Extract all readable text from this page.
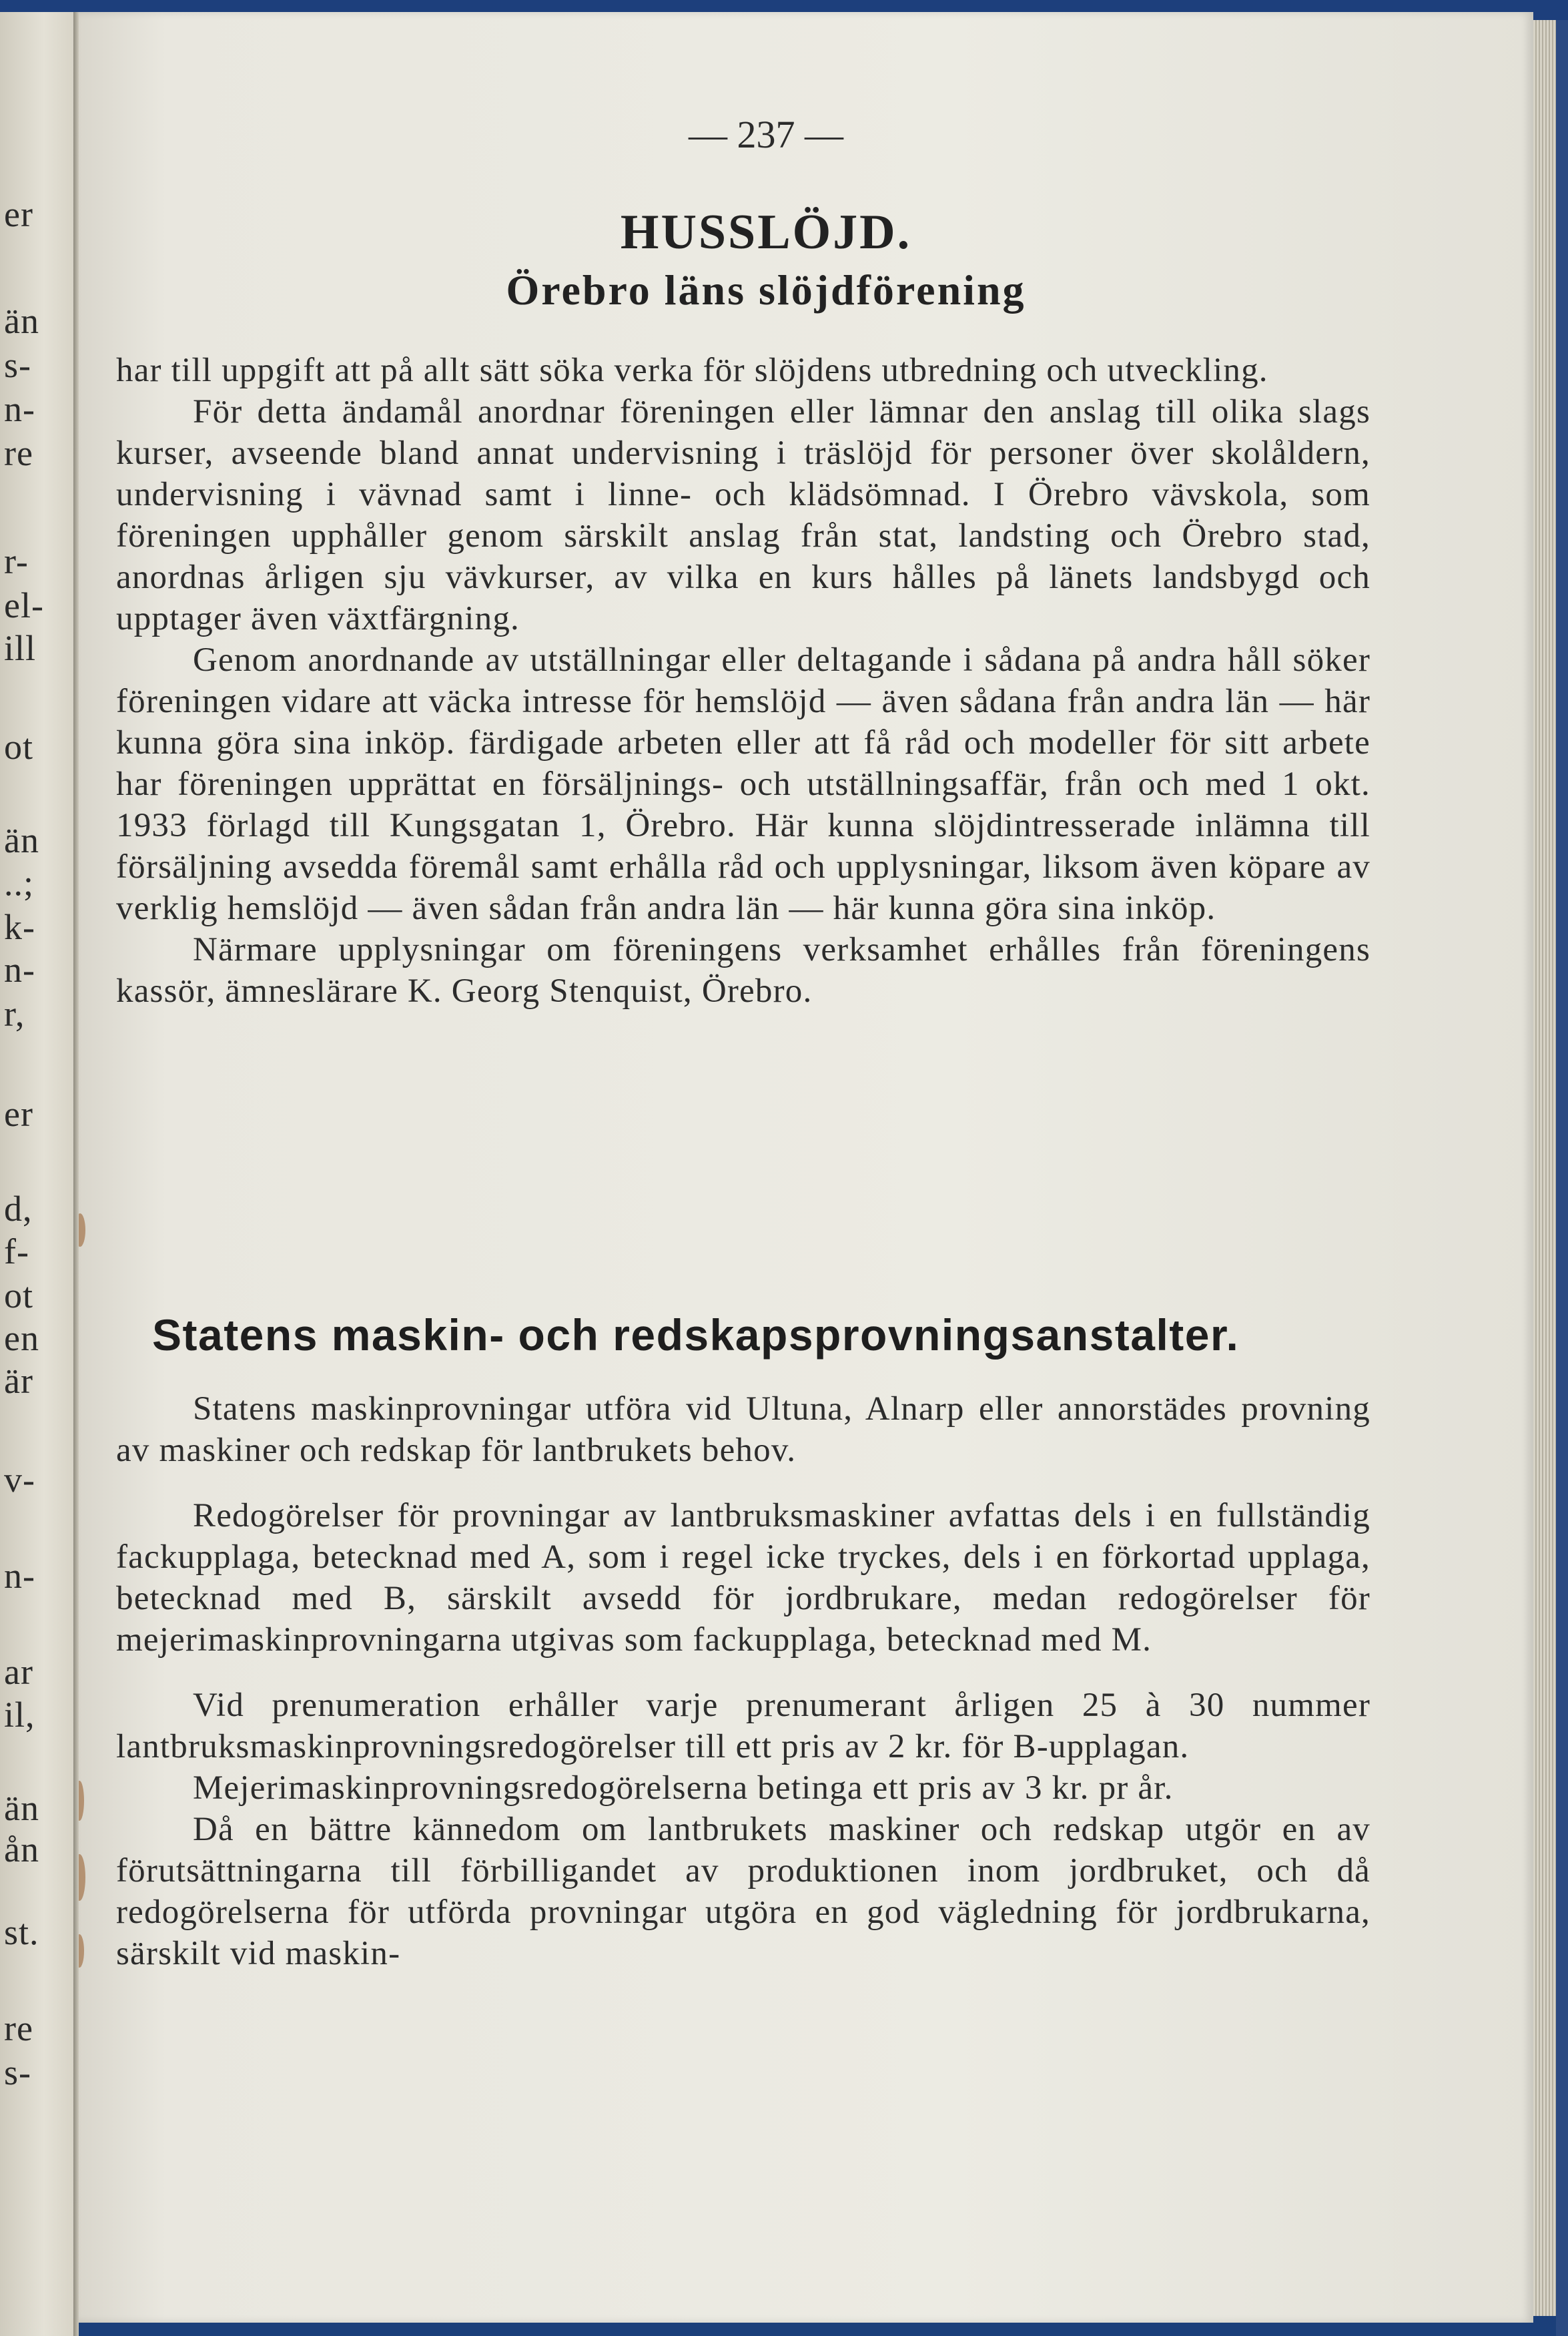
er
än
s-
n-
re
r-
el-
ill
ot
än
..;
k-
n-
r,
er
d,
f-
ot
en
är
v-
n-
ar
il,
än
ån
st.
re
s-
— 237 —
HUSSLÖJD.
Örebro läns slöjdförening

har till uppgift att på allt sätt söka verka för slöjdens utbredning och utveckling.

För detta ändamål anordnar föreningen eller lämnar den anslag till olika slags kurser, avseende bland annat undervisning i träslöjd för personer över skolåldern, undervisning i vävnad samt i linne- och klädsömnad. I Örebro vävskola, som föreningen upphåller genom särskilt anslag från stat, landsting och Örebro stad, anordnas årligen sju vävkurser, av vilka en kurs hålles på länets landsbygd och upptager även växtfärgning.

Genom anordnande av utställningar eller deltagande i sådana på andra håll söker föreningen vidare att väcka intresse för hemslöjd — även sådana från andra län — här kunna göra sina inköp. färdigade arbeten eller att få råd och modeller för sitt arbete har föreningen upprättat en försäljnings- och utställningsaffär, från och med 1 okt. 1933 förlagd till Kungsgatan 1, Örebro. Här kunna slöjdintresserade inlämna till försäljning avsedda föremål samt erhålla råd och upplysningar, liksom även köpare av verklig hemslöjd — även sådan från andra län — här kunna göra sina inköp.

Närmare upplysningar om föreningens verksamhet erhålles från föreningens kassör, ämneslärare K. Georg Stenquist, Örebro.

Statens maskin- och redskapsprovningsanstalter.

Statens maskinprovningar utföra vid Ultuna, Alnarp eller annorstädes provning av maskiner och redskap för lantbrukets behov.

Redogörelser för provningar av lantbruksmaskiner avfattas dels i en fullständig fackupplaga, betecknad med A, som i regel icke tryckes, dels i en förkortad upplaga, betecknad med B, särskilt avsedd för jordbrukare, medan redogörelser för mejerimaskinprovningarna utgivas som fackupplaga, betecknad med M.

Vid prenumeration erhåller varje prenumerant årligen 25 à 30 nummer lantbruksmaskinprovningsredogörelser till ett pris av 2 kr. för B-upplagan.

Mejerimaskinprovningsredogörelserna betinga ett pris av 3 kr. pr år.

Då en bättre kännedom om lantbrukets maskiner och redskap utgör en av förutsättningarna till förbilligandet av produktionen inom jordbruket, och då redogörelserna för utförda provningar utgöra en god vägledning för jordbrukarna, särskilt vid maskin-
